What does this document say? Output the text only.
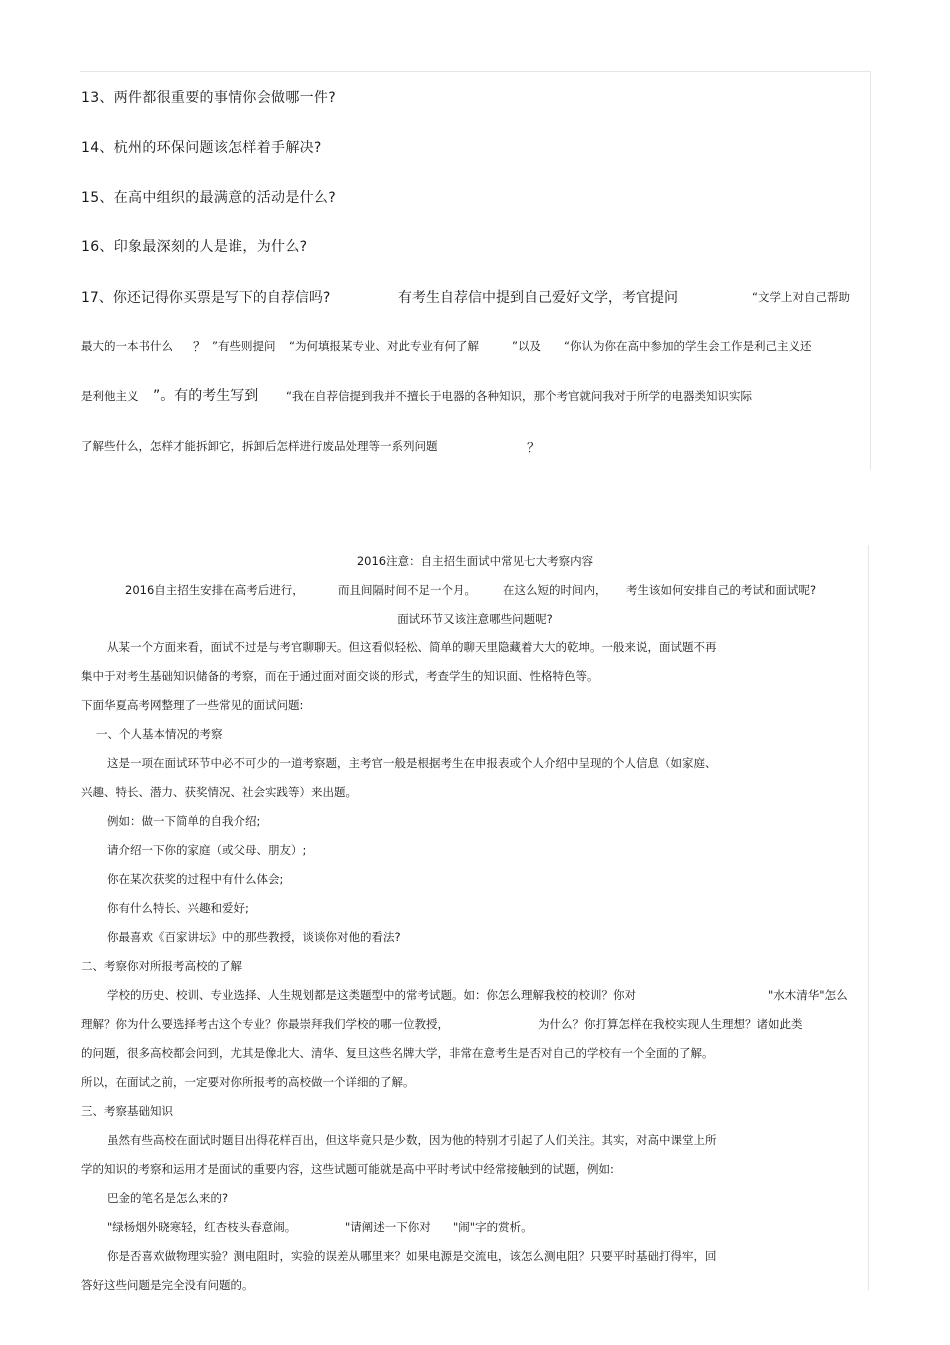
13、两件都很重要的事情你会做哪一件?
14、杭州的环保问题该怎样着手解决?
15、在高中组织的最满意的活动是什么?
16、印象最深刻的人是谁，为什么?
17、你还记得你买票是写下的自荐信吗?	有考生自荐信中提到自己爱好文学，考官提问	“文学上对自己帮助
最大的一本书什么 ？ ”有些则提问 “为何填报某专业、对此专业有何了解	”以及 “你认为你在高中参加的学生会工作是利己主义还
是利他主义 ”。有的考生写到 “我在自荐信提到我并不擅长于电器的各种知识，那个考官就问我对于所学的电器类知识实际
了解些什么，怎样才能拆卸它，拆卸后怎样进行废品处理等一系列问题	？
2016注意：自主招生面试中常见七大考察内容
2016自主招生安排在高考后进行，	而且间隔时间不足一个月。 在这么短的时间内， 考生该如何安排自己的考试和面试呢?
面试环节又该注意哪些问题呢?
从某一个方面来看，面试不过是与考官聊聊天。但这看似轻松、简单的聊天里隐藏着大大的乾坤。一般来说，面试题不再
集中于对考生基础知识储备的考察，而在于通过面对面交谈的形式，考查学生的知识面、性格特色等。
下面华夏高考网整理了一些常见的面试问题:
一、个人基本情况的考察
这是一项在面试环节中必不可少的一道考察题，主考官一般是根据考生在申报表或个人介绍中呈现的个人信息（如家庭、
兴趣、特长、潜力、获奖情况、社会实践等）来出题。
例如：做一下简单的自我介绍;
请介绍一下你的家庭（或父母、朋友）;
你在某次获奖的过程中有什么体会;
你有什么特长、兴趣和爱好;
你最喜欢《百家讲坛》中的那些教授，谈谈你对他的看法?
二、考察你对所报考高校的了解
学校的历史、校训、专业选择、人生规划都是这类题型中的常考试题。如：你怎么理解我校的校训？你对	"水木清华"怎么
理解？你为什么要选择考古这个专业？你最崇拜我们学校的哪一位教授，	为什么？你打算怎样在我校实现人生理想？诸如此类
的问题，很多高校都会问到，尤其是像北大、清华、复旦这些名牌大学，非常在意考生是否对自己的学校有一个全面的了解。
所以，在面试之前，一定要对你所报考的高校做一个详细的了解。
三、考察基础知识
虽然有些高校在面试时题目出得花样百出，但这毕竟只是少数，因为他的特别才引起了人们关注。其实，对高中课堂上所
学的知识的考察和运用才是面试的重要内容，这些试题可能就是高中平时考试中经常接触到的试题，例如:
巴金的笔名是怎么来的?
"绿杨烟外晓寒轻，红杏枝头春意闹。	"请阐述一下你对 "闹"字的赏析。
你是否喜欢做物理实验？测电阻时，实验的误差从哪里来？如果电源是交流电，该怎么测电阻？只要平时基础打得牢，回
答好这些问题是完全没有问题的。
